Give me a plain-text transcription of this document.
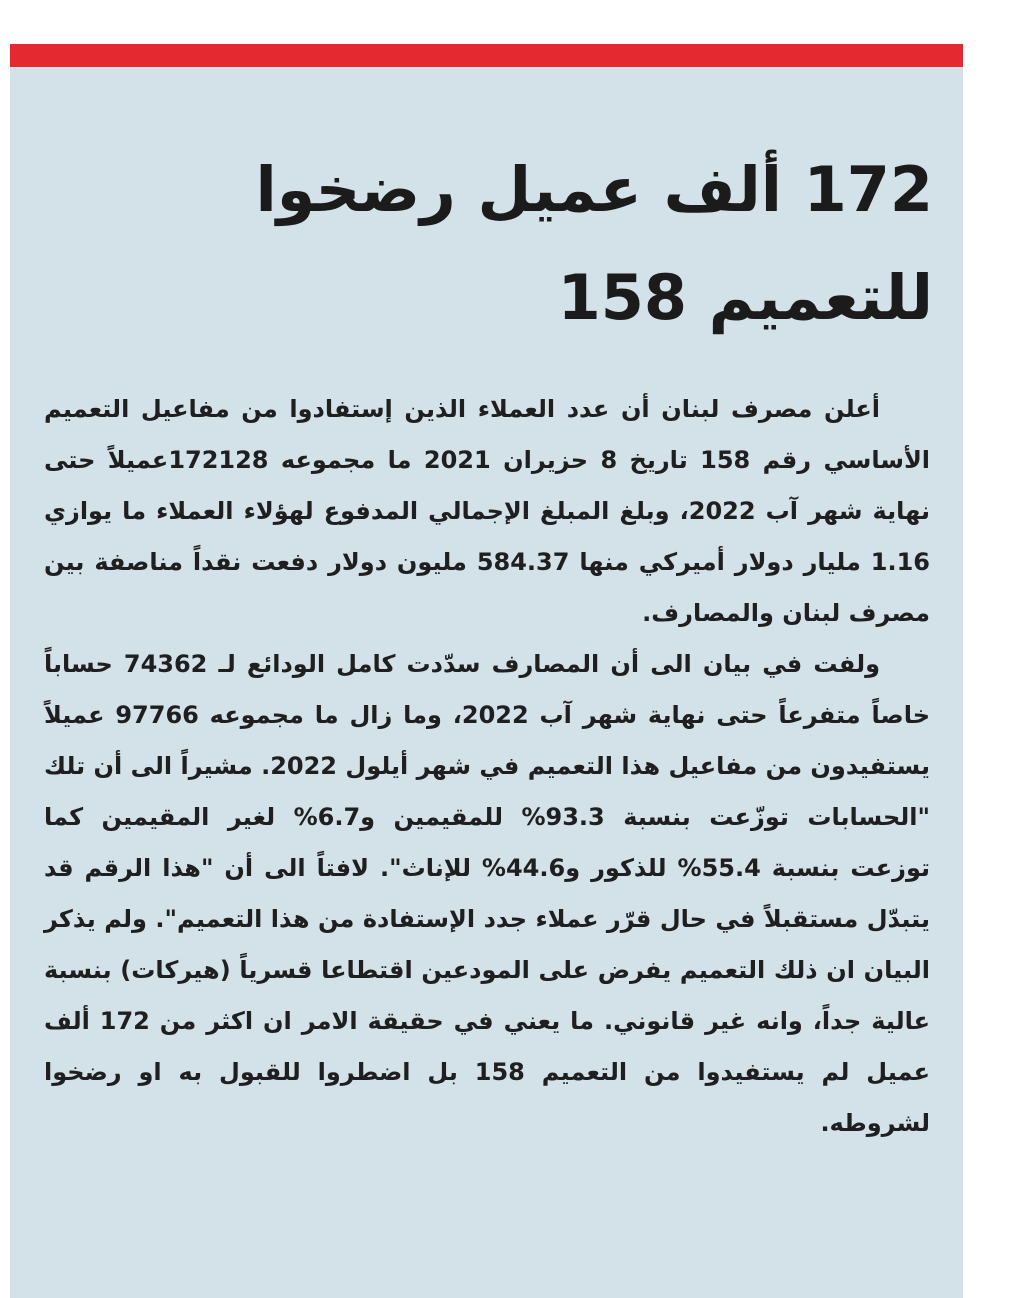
172 ألف عميل رضخوا
للتعميم 158

أعلن مصرف لبنان أن عدد العملاء الذين إستفادوا من مفاعيل التعميم الأساسي رقم 158 تاريخ 8 حزيران 2021 ما مجموعه 172128عميلاً حتى نهاية شهر آب 2022، وبلغ المبلغ الإجمالي المدفوع لهؤلاء العملاء ما يوازي 1.16 مليار دولار أميركي منها 584.37 مليون دولار دفعت نقداً مناصفة بين مصرف لبنان والمصارف.

ولفت في بيان الى أن المصارف سدّدت كامل الودائع لـ 74362 حساباً خاصاً متفرعاً حتى نهاية شهر آب 2022، وما زال ما مجموعه 97766 عميلاً يستفيدون من مفاعيل هذا التعميم في شهر أيلول 2022. مشيراً الى أن تلك "الحسابات توزّعت بنسبة 93.3% للمقيمين و6.7% لغير المقيمين كما توزعت بنسبة 55.4% للذكور و44.6% للإناث". لافتاً الى أن "هذا الرقم قد يتبدّل مستقبلاً في حال قرّر عملاء جدد الإستفادة من هذا التعميم". ولم يذكر البيان ان ذلك التعميم يفرض على المودعين اقتطاعا قسرياً (هيركات) بنسبة عالية جداً، وانه غير قانوني. ما يعني في حقيقة الامر ان اكثر من 172 ألف عميل لم يستفيدوا من التعميم 158 بل اضطروا للقبول به او رضخوا لشروطه.
